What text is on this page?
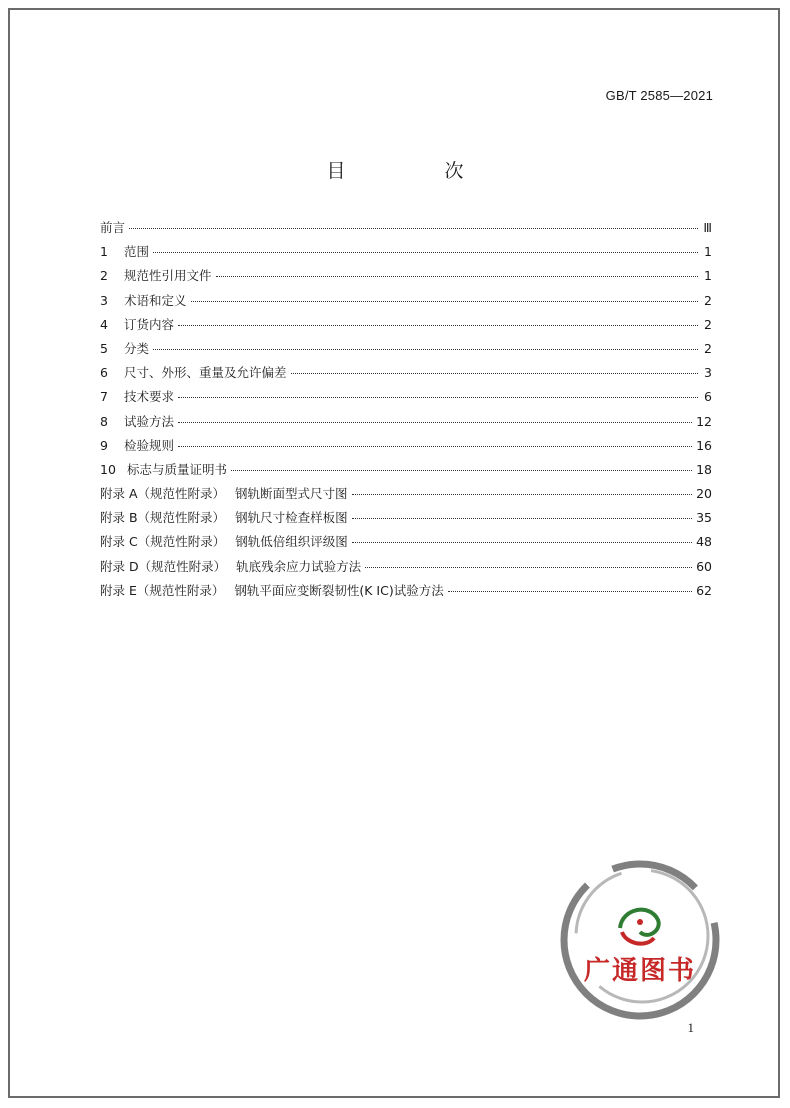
GB/T 2585—2021
目　次
前言	Ⅲ
1	范围	1
2	规范性引用文件	1
3	术语和定义	2
4	订货内容	2
5	分类	2
6	尺寸、外形、重量及允许偏差	3
7	技术要求	6
8	试验方法	12
9	检验规则	16
10 标志与质量证明书	18
附录 A（规范性附录） 钢轨断面型式尺寸图	20
附录 B（规范性附录） 钢轨尺寸检查样板图	35
附录 C（规范性附录） 钢轨低倍组织评级图	48
附录 D（规范性附录） 轨底残余应力试验方法	60
附录 E（规范性附录） 钢轨平面应变断裂韧性(K IC)试验方法	62
广通图书
1
